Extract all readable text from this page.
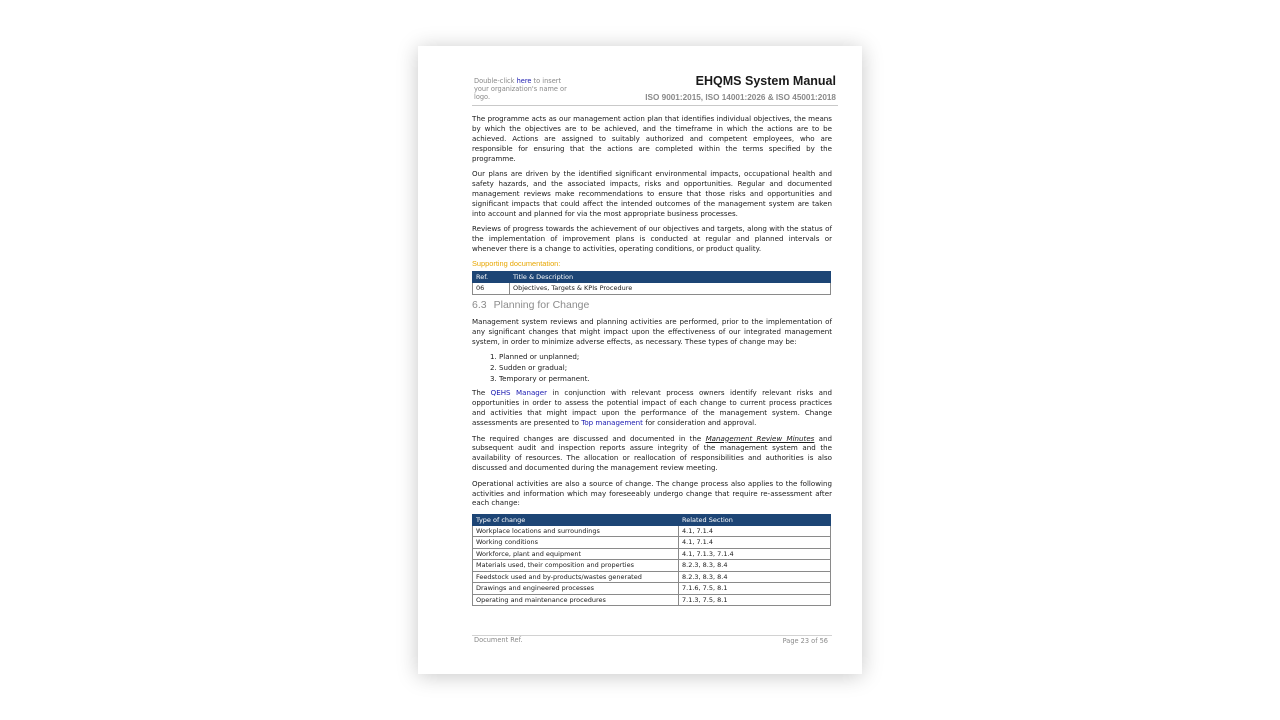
Double-click here to insert your organization's name or logo.
EHQMS System Manual
ISO 9001:2015, ISO 14001:2026 & ISO 45001:2018

The programme acts as our management action plan that identifies individual objectives, the means by which the objectives are to be achieved, and the timeframe in which the actions are to be achieved. Actions are assigned to suitably authorized and competent employees, who are responsible for ensuring that the actions are completed within the terms specified by the programme.

Our plans are driven by the identified significant environmental impacts, occupational health and safety hazards, and the associated impacts, risks and opportunities. Regular and documented management reviews make recommendations to ensure that those risks and opportunities and significant impacts that could affect the intended outcomes of the management system are taken into account and planned for via the most appropriate business processes.

Reviews of progress towards the achievement of our objectives and targets, along with the status of the implementation of improvement plans is conducted at regular and planned intervals or whenever there is a change to activities, operating conditions, or product quality.

Supporting documentation:
Ref.	Title & Description
06	Objectives, Targets & KPIs Procedure
6.3 Planning for Change

Management system reviews and planning activities are performed, prior to the implementation of any significant changes that might impact upon the effectiveness of our integrated management system, in order to minimize adverse effects, as necessary. These types of change may be:

1. Planned or unplanned;
2. Sudden or gradual;
3. Temporary or permanent.

The QEHS Manager in conjunction with relevant process owners identify relevant risks and opportunities in order to assess the potential impact of each change to current process practices and activities that might impact upon the performance of the management system. Change assessments are presented to Top management for consideration and approval.

The required changes are discussed and documented in the Management Review Minutes and subsequent audit and inspection reports assure integrity of the management system and the availability of resources. The allocation or reallocation of responsibilities and authorities is also discussed and documented during the management review meeting.

Operational activities are also a source of change. The change process also applies to the following activities and information which may foreseeably undergo change that require re-assessment after each change:

Type of change	Related Section
Workplace locations and surroundings	4.1, 7.1.4
Working conditions	4.1, 7.1.4
Workforce, plant and equipment	4.1, 7.1.3, 7.1.4
Materials used, their composition and properties	8.2.3, 8.3, 8.4
Feedstock used and by-products/wastes generated	8.2.3, 8.3, 8.4
Drawings and engineered processes	7.1.6, 7.5, 8.1
Operating and maintenance procedures	7.1.3, 7.5, 8.1
Document Ref.	Page 23 of 56
